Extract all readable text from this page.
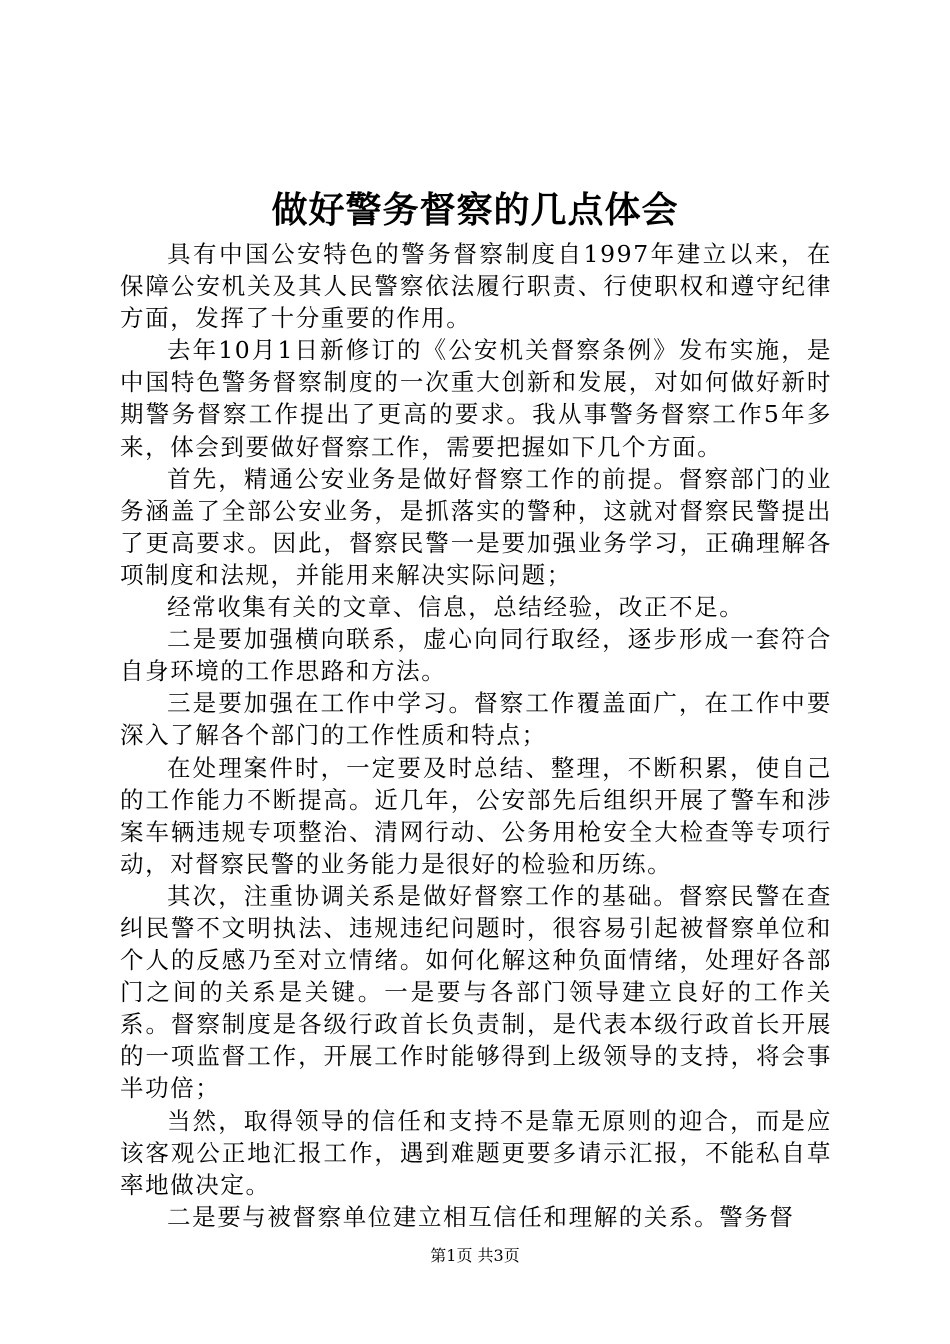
做好警务督察的几点体会

具有中国公安特色的警务督察制度自1997年建立以来，在保障公安机关及其人民警察依法履行职责、行使职权和遵守纪律方面，发挥了十分重要的作用。

去年10月1日新修订的《公安机关督察条例》发布实施，是中国特色警务督察制度的一次重大创新和发展，对如何做好新时期警务督察工作提出了更高的要求。我从事警务督察工作5年多来，体会到要做好督察工作，需要把握如下几个方面。

首先，精通公安业务是做好督察工作的前提。督察部门的业务涵盖了全部公安业务，是抓落实的警种，这就对督察民警提出了更高要求。因此，督察民警一是要加强业务学习，正确理解各项制度和法规，并能用来解决实际问题；

经常收集有关的文章、信息，总结经验，改正不足。

二是要加强横向联系，虚心向同行取经，逐步形成一套符合自身环境的工作思路和方法。

三是要加强在工作中学习。督察工作覆盖面广，在工作中要深入了解各个部门的工作性质和特点；

在处理案件时，一定要及时总结、整理，不断积累，使自己的工作能力不断提高。近几年，公安部先后组织开展了警车和涉案车辆违规专项整治、清网行动、公务用枪安全大检查等专项行动，对督察民警的业务能力是很好的检验和历练。

其次，注重协调关系是做好督察工作的基础。督察民警在查纠民警不文明执法、违规违纪问题时，很容易引起被督察单位和个人的反感乃至对立情绪。如何化解这种负面情绪，处理好各部门之间的关系是关键。一是要与各部门领导建立良好的工作关系。督察制度是各级行政首长负责制，是代表本级行政首长开展的一项监督工作，开展工作时能够得到上级领导的支持，将会事半功倍；

当然，取得领导的信任和支持不是靠无原则的迎合，而是应该客观公正地汇报工作，遇到难题更要多请示汇报，不能私自草率地做决定。

二是要与被督察单位建立相互信任和理解的关系。警务督

第1页 共3页
